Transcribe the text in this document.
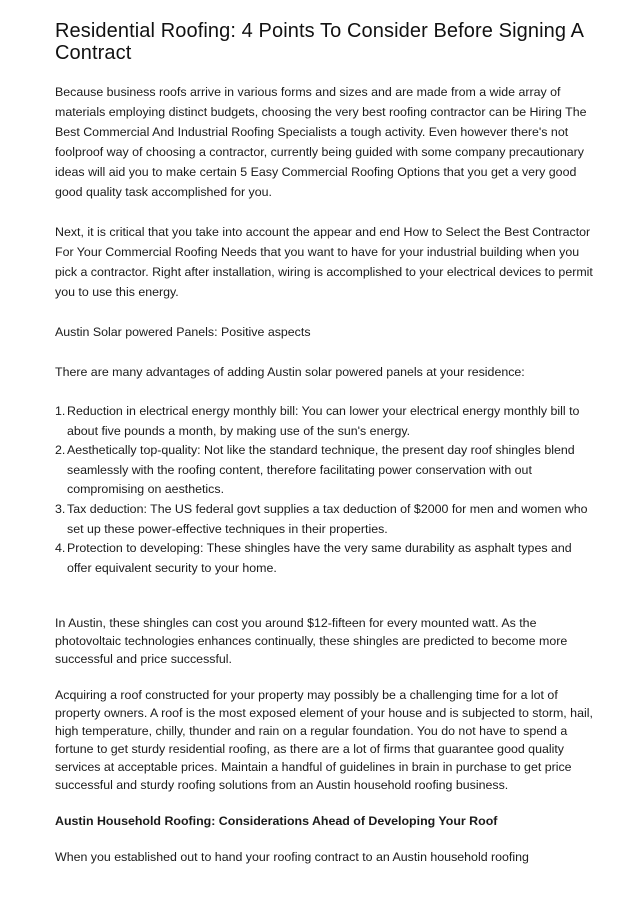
Residential Roofing: 4 Points To Consider Before Signing A Contract

Because business roofs arrive in various forms and sizes and are made from a wide array of materials employing distinct budgets, choosing the very best roofing contractor can be Hiring The Best Commercial And Industrial Roofing Specialists a tough activity. Even however there's not foolproof way of choosing a contractor, currently being guided with some company precautionary ideas will aid you to make certain 5 Easy Commercial Roofing Options that you get a very good good quality task accomplished for you.

Next, it is critical that you take into account the appear and end How to Select the Best Contractor For Your Commercial Roofing Needs that you want to have for your industrial building when you pick a contractor. Right after installation, wiring is accomplished to your electrical devices to permit you to use this energy.

Austin Solar powered Panels: Positive aspects

There are many advantages of adding Austin solar powered panels at your residence:

1. Reduction in electrical energy monthly bill: You can lower your electrical energy monthly bill to about five pounds a month, by making use of the sun's energy.
2. Aesthetically top-quality: Not like the standard technique, the present day roof shingles blend seamlessly with the roofing content, therefore facilitating power conservation with out compromising on aesthetics.
3. Tax deduction: The US federal govt supplies a tax deduction of $2000 for men and women who set up these power-effective techniques in their properties.
4. Protection to developing: These shingles have the very same durability as asphalt types and offer equivalent security to your home.

In Austin, these shingles can cost you around $12-fifteen for every mounted watt. As the photovoltaic technologies enhances continually, these shingles are predicted to become more successful and price successful.

Acquiring a roof constructed for your property may possibly be a challenging time for a lot of property owners. A roof is the most exposed element of your house and is subjected to storm, hail, high temperature, chilly, thunder and rain on a regular foundation. You do not have to spend a fortune to get sturdy residential roofing, as there are a lot of firms that guarantee good quality services at acceptable prices. Maintain a handful of guidelines in brain in purchase to get price successful and sturdy roofing solutions from an Austin household roofing business.

Austin Household Roofing: Considerations Ahead of Developing Your Roof

When you established out to hand your roofing contract to an Austin household roofing
